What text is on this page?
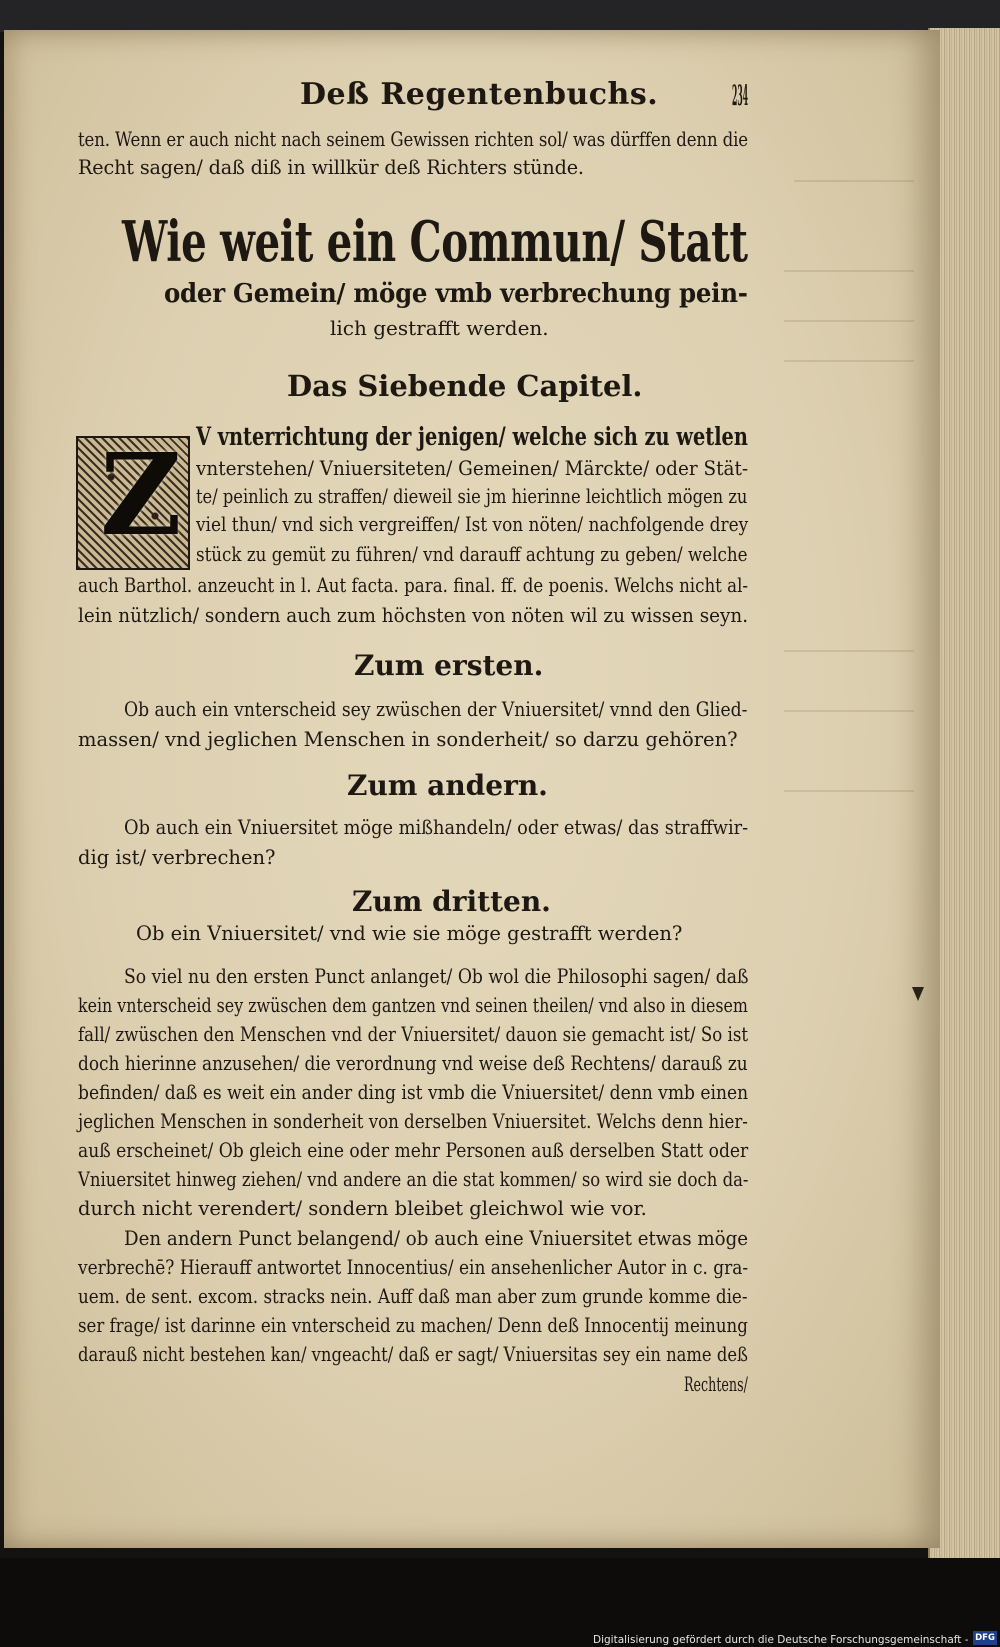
Deß Regentenbuchs.	234
ten. Wenn er auch nicht nach seinem Gewissen richten sol/ was dürffen denn die
Recht sagen/ daß diß in willkür deß Richters stünde.
Wie weit ein Commun/ Statt
oder Gemein/ möge vmb verbrechung pein-
lich gestrafft werden.
Das Siebende Capitel.
Z V vnterrichtung der jenigen/ welche sich zu wetlen
vnterstehen/ Vniuersiteten/ Gemeinen/ Märckte/ oder Stät-
te/ peinlich zu straffen/ dieweil sie jm hierinne leichtlich mögen zu
viel thun/ vnd sich vergreiffen/ Ist von nöten/ nachfolgende drey
stück zu gemüt zu führen/ vnd darauff achtung zu geben/ welche
auch Barthol. anzeucht in l. Aut facta. para. final. ff. de poenis. Welchs nicht al-
lein nützlich/ sondern auch zum höchsten von nöten wil zu wissen seyn.
Zum ersten.
Ob auch ein vnterscheid sey zwüschen der Vniuersitet/ vnnd den Glied-
massen/ vnd jeglichen Menschen in sonderheit/ so darzu gehören?
Zum andern.
Ob auch ein Vniuersitet möge mißhandeln/ oder etwas/ das straffwir-
dig ist/ verbrechen?
Zum dritten.
Ob ein Vniuersitet/ vnd wie sie möge gestrafft werden?
So viel nu den ersten Punct anlanget/ Ob wol die Philosophi sagen/ daß
kein vnterscheid sey zwüschen dem gantzen vnd seinen theilen/ vnd also in diesem
fall/ zwüschen den Menschen vnd der Vniuersitet/ dauon sie gemacht ist/ So ist
doch hierinne anzusehen/ die verordnung vnd weise deß Rechtens/ darauß zu
befinden/ daß es weit ein ander ding ist vmb die Vniuersitet/ denn vmb einen
jeglichen Menschen in sonderheit von derselben Vniuersitet. Welchs denn hier-
auß erscheinet/ Ob gleich eine oder mehr Personen auß derselben Statt oder
Vniuersitet hinweg ziehen/ vnd andere an die stat kommen/ so wird sie doch da-
durch nicht verendert/ sondern bleibet gleichwol wie vor.
Den andern Punct belangend/ ob auch eine Vniuersitet etwas möge
verbrechē? Hierauff antwortet Innocentius/ ein ansehenlicher Autor in c. gra-
uem. de sent. excom. stracks nein. Auff daß man aber zum grunde komme die-
ser frage/ ist darinne ein vnterscheid zu machen/ Denn deß Innocentij meinung
darauß nicht bestehen kan/ vngeacht/ daß er sagt/ Vniuersitas sey ein name deß
Rechtens/
Digitalisierung gefördert durch die Deutsche Forschungsgemeinschaft - DFG
